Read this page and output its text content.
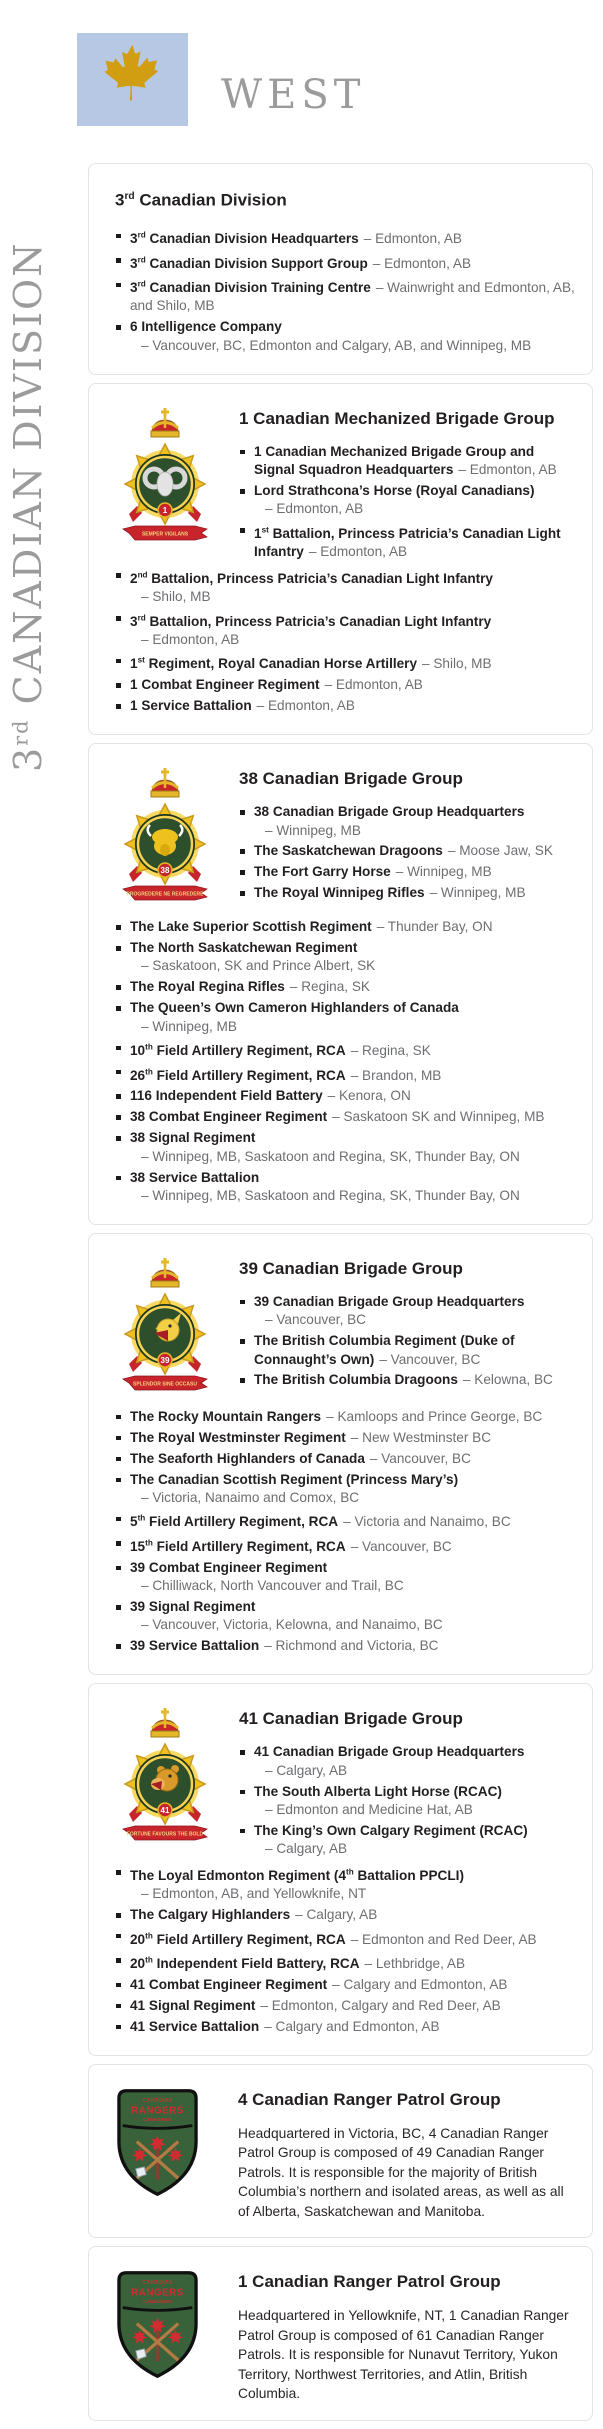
WEST
3rd CANADIAN DIVISION
3rd Canadian Division
3rd Canadian Division Headquarters – Edmonton, AB
3rd Canadian Division Support Group – Edmonton, AB
3rd Canadian Division Training Centre – Wainwright and Edmonton, AB, and Shilo, MB
6 Intelligence Company
– Vancouver, BC, Edmonton and Calgary, AB, and Winnipeg, MB
1
SEMPER VIGILANS
1 Canadian Mechanized Brigade Group
1 Canadian Mechanized Brigade Group and Signal Squadron Headquarters – Edmonton, AB
Lord Strathcona’s Horse (Royal Canadians)
– Edmonton, AB
1st Battalion, Princess Patricia’s Canadian Light Infantry – Edmonton, AB
2nd Battalion, Princess Patricia’s Canadian Light Infantry
– Shilo, MB
3rd Battalion, Princess Patricia’s Canadian Light Infantry
– Edmonton, AB
1st Regiment, Royal Canadian Horse Artillery – Shilo, MB
1 Combat Engineer Regiment – Edmonton, AB
1 Service Battalion – Edmonton, AB
38
PROGREDERE NE REGREDERE
38 Canadian Brigade Group
38 Canadian Brigade Group Headquarters
– Winnipeg, MB
The Saskatchewan Dragoons – Moose Jaw, SK
The Fort Garry Horse – Winnipeg, MB
The Royal Winnipeg Rifles – Winnipeg, MB
The Lake Superior Scottish Regiment – Thunder Bay, ON
The North Saskatchewan Regiment
– Saskatoon, SK and Prince Albert, SK
The Royal Regina Rifles – Regina, SK
The Queen’s Own Cameron Highlanders of Canada
– Winnipeg, MB
10th Field Artillery Regiment, RCA – Regina, SK
26th Field Artillery Regiment, RCA – Brandon, MB
116 Independent Field Battery – Kenora, ON
38 Combat Engineer Regiment – Saskatoon SK and Winnipeg, MB
38 Signal Regiment
– Winnipeg, MB, Saskatoon and Regina, SK, Thunder Bay, ON
38 Service Battalion
– Winnipeg, MB, Saskatoon and Regina, SK, Thunder Bay, ON
39
SPLENDOR SINE OCCASU
39 Canadian Brigade Group
39 Canadian Brigade Group Headquarters
– Vancouver, BC
The British Columbia Regiment (Duke of Connaught’s Own) – Vancouver, BC
The British Columbia Dragoons – Kelowna, BC
The Rocky Mountain Rangers – Kamloops and Prince George, BC
The Royal Westminster Regiment – New Westminster BC
The Seaforth Highlanders of Canada – Vancouver, BC
The Canadian Scottish Regiment (Princess Mary’s)
– Victoria, Nanaimo and Comox, BC
5th Field Artillery Regiment, RCA – Victoria and Nanaimo, BC
15th Field Artillery Regiment, RCA – Vancouver, BC
39 Combat Engineer Regiment
– Chilliwack, North Vancouver and Trail, BC
39 Signal Regiment
– Vancouver, Victoria, Kelowna, and Nanaimo, BC
39 Service Battalion – Richmond and Victoria, BC
41
FORTUNE FAVOURS THE BOLD
41 Canadian Brigade Group
41 Canadian Brigade Group Headquarters
– Calgary, AB
The South Alberta Light Horse (RCAC)
– Edmonton and Medicine Hat, AB
The King’s Own Calgary Regiment (RCAC)
– Calgary, AB
The Loyal Edmonton Regiment (4th Battalion PPCLI)
– Edmonton, AB, and Yellowknife, NT
The Calgary Highlanders – Calgary, AB
20th Field Artillery Regiment, RCA – Edmonton and Red Deer, AB
20th Independent Field Battery, RCA – Lethbridge, AB
41 Combat Engineer Regiment – Calgary and Edmonton, AB
41 Signal Regiment – Edmonton, Calgary and Red Deer, AB
41 Service Battalion – Calgary and Edmonton, AB
CANADIAN
RANGERS
CANADIENS
4 Canadian Ranger Patrol Group

Headquartered in Victoria, BC, 4 Canadian Ranger Patrol Group is composed of 49 Canadian Ranger Patrols. It is responsible for the majority of British Columbia’s northern and isolated areas, as well as all of Alberta, Saskatchewan and Manitoba.

CANADIAN
RANGERS
CANADIENS
1 Canadian Ranger Patrol Group

Headquartered in Yellowknife, NT, 1 Canadian Ranger Patrol Group is composed of 61 Canadian Ranger Patrols. It is responsible for Nunavut Territory, Yukon Territory, Northwest Territories, and Atlin, British Columbia.
